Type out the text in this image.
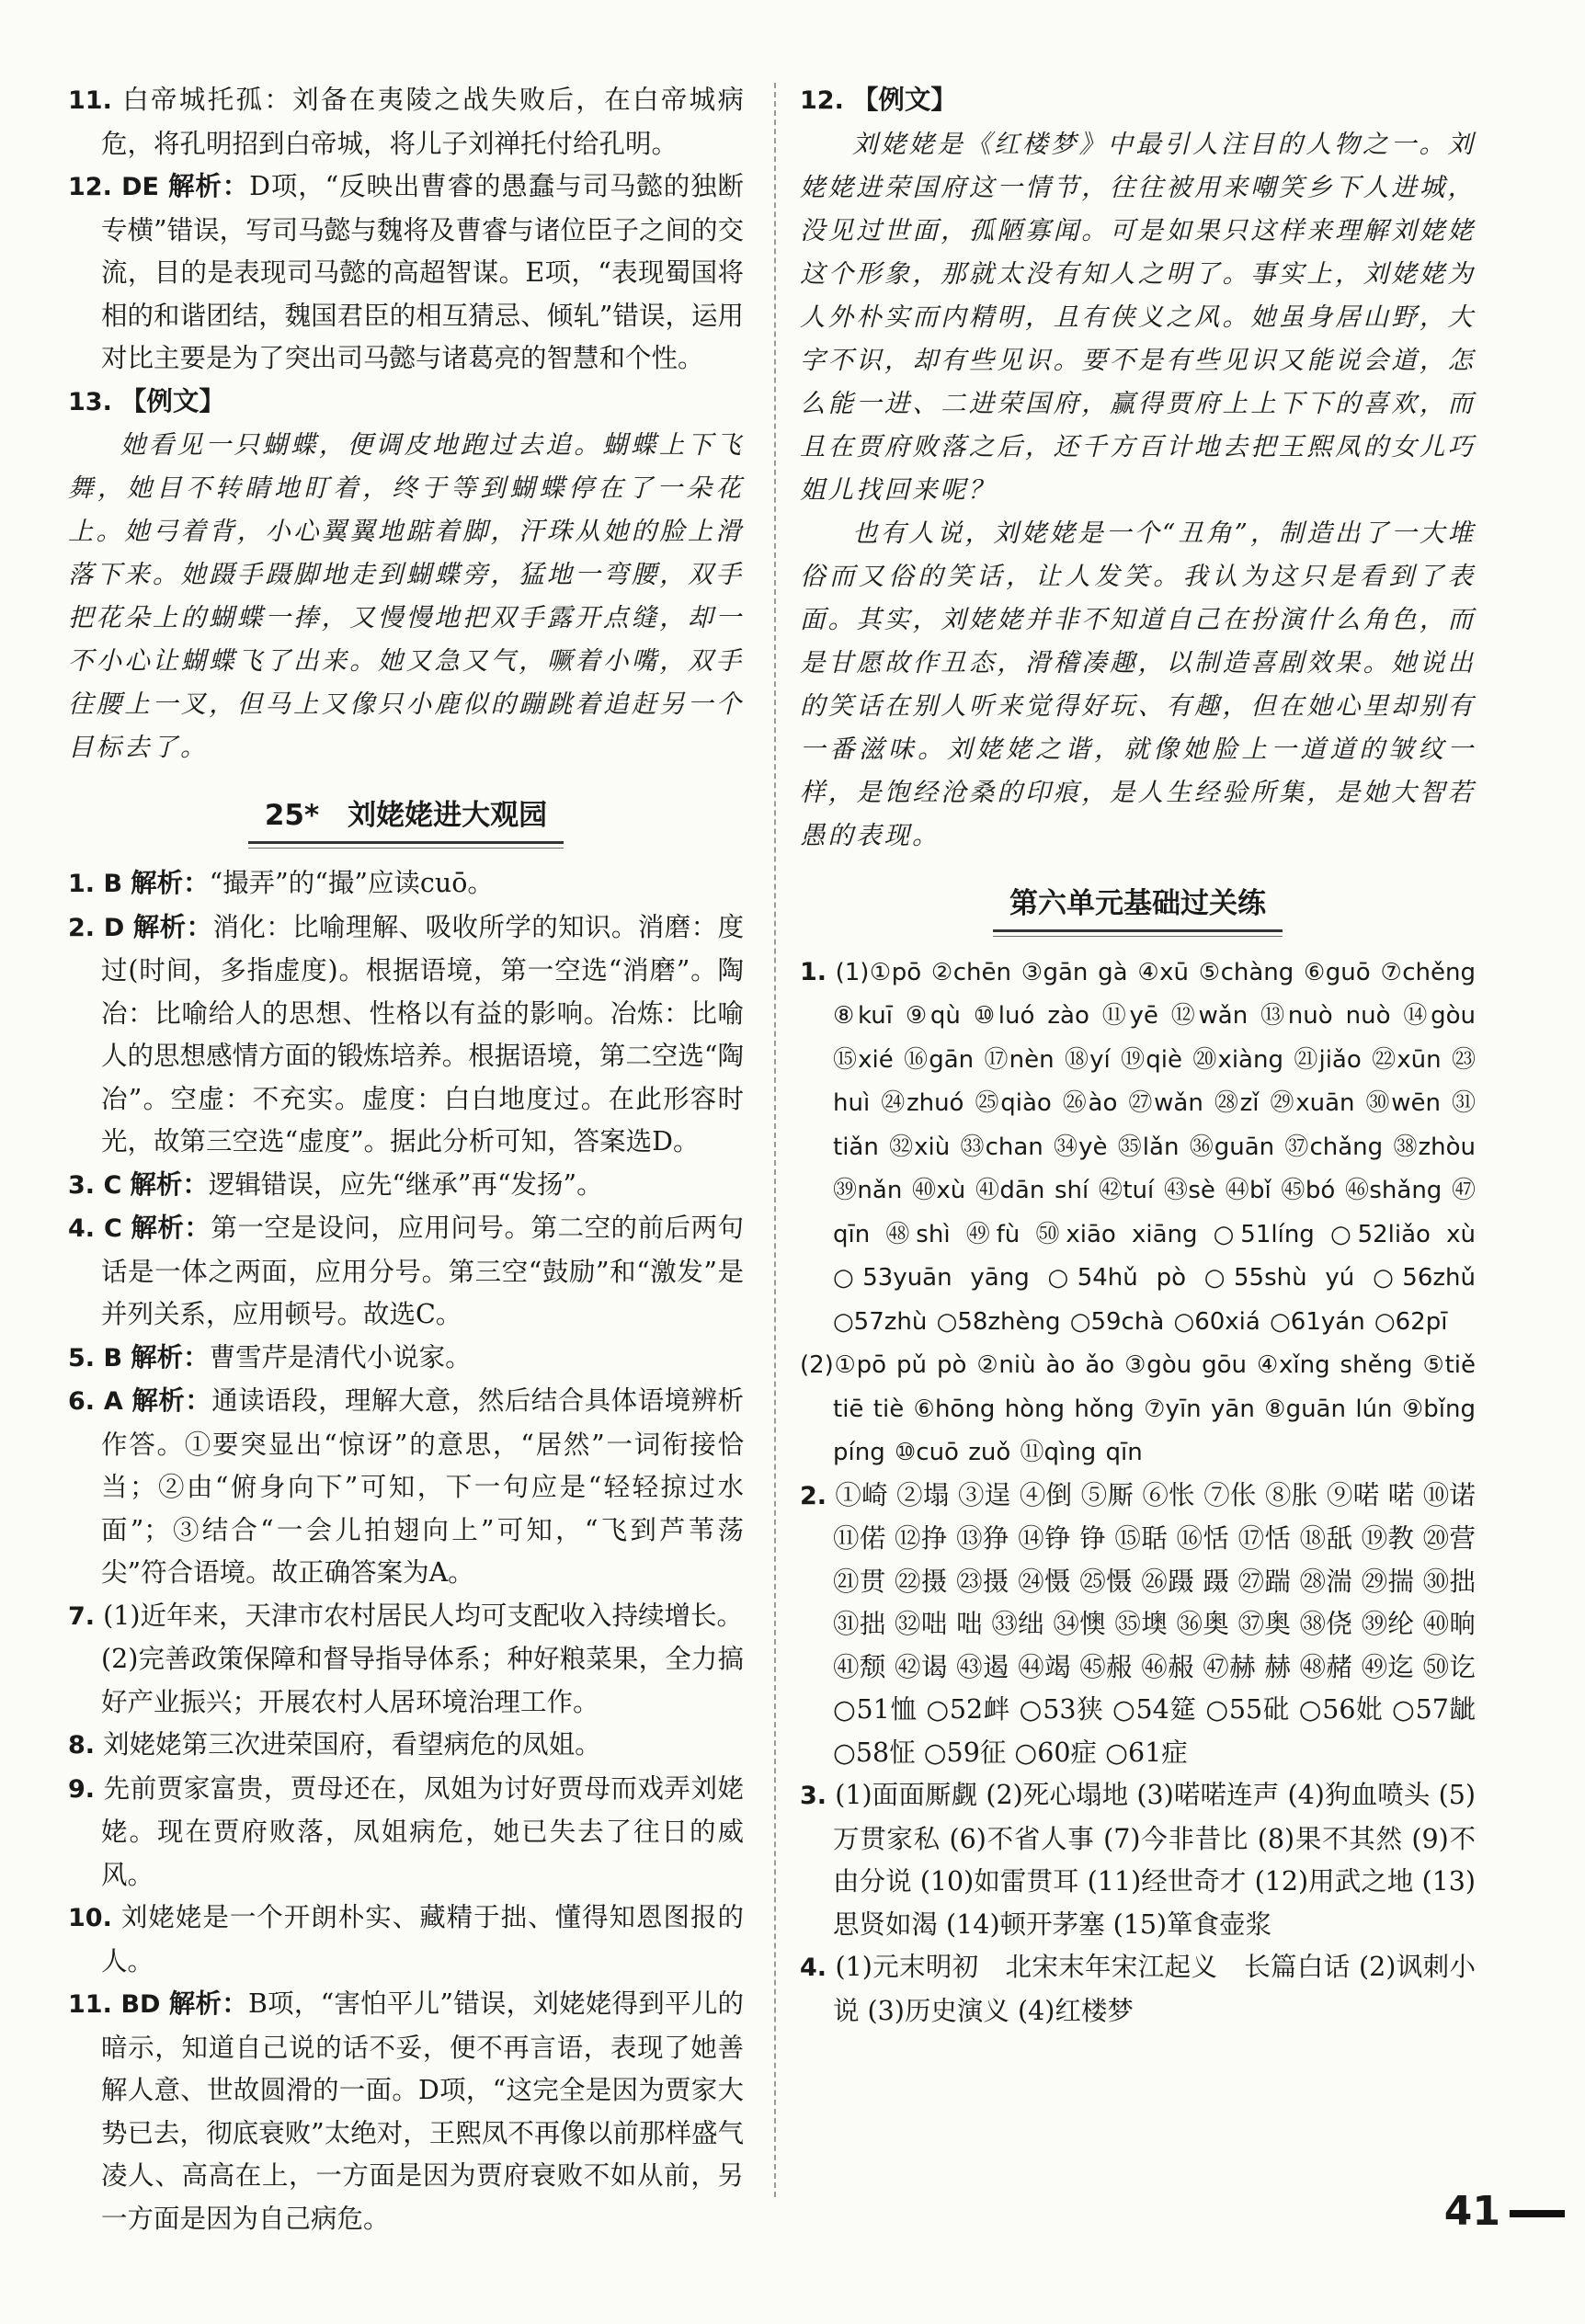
11. 白帝城托孤：刘备在夷陵之战失败后，在白帝城病危，将孔明招到白帝城，将儿子刘禅托付给孔明。

12. DE 解析：D项，“反映出曹睿的愚蠢与司马懿的独断专横”错误，写司马懿与魏将及曹睿与诸位臣子之间的交流，目的是表现司马懿的高超智谋。E项，“表现蜀国将相的和谐团结，魏国君臣的相互猜忌、倾轧”错误，运用对比主要是为了突出司马懿与诸葛亮的智慧和个性。

13. 【例文】

她看见一只蝴蝶，便调皮地跑过去追。蝴蝶上下飞舞，她目不转睛地盯着，终于等到蝴蝶停在了一朵花上。她弓着背，小心翼翼地踮着脚，汗珠从她的脸上滑落下来。她蹑手蹑脚地走到蝴蝶旁，猛地一弯腰，双手把花朵上的蝴蝶一捧，又慢慢地把双手露开点缝，却一不小心让蝴蝶飞了出来。她又急又气，噘着小嘴，双手往腰上一叉，但马上又像只小鹿似的蹦跳着追赶另一个目标去了。

25*　刘姥姥进大观园

1. B 解析：“撮弄”的“撮”应读cuō。

2. D 解析：消化：比喻理解、吸收所学的知识。消磨：度过(时间，多指虚度)。根据语境，第一空选“消磨”。陶冶：比喻给人的思想、性格以有益的影响。冶炼：比喻人的思想感情方面的锻炼培养。根据语境，第二空选“陶冶”。空虚：不充实。虚度：白白地度过。在此形容时光，故第三空选“虚度”。据此分析可知，答案选D。

3. C 解析：逻辑错误，应先“继承”再“发扬”。

4. C 解析：第一空是设问，应用问号。第二空的前后两句话是一体之两面，应用分号。第三空“鼓励”和“激发”是并列关系，应用顿号。故选C。

5. B 解析：曹雪芹是清代小说家。

6. A 解析：通读语段，理解大意，然后结合具体语境辨析作答。①要突显出“惊讶”的意思，“居然”一词衔接恰当；②由“俯身向下”可知，下一句应是“轻轻掠过水面”；③结合“一会儿拍翅向上”可知，“飞到芦苇荡尖”符合语境。故正确答案为A。

7. (1)近年来，天津市农村居民人均可支配收入持续增长。

(2)完善政策保障和督导指导体系；种好粮菜果，全力搞好产业振兴；开展农村人居环境治理工作。

8. 刘姥姥第三次进荣国府，看望病危的凤姐。

9. 先前贾家富贵，贾母还在，凤姐为讨好贾母而戏弄刘姥姥。现在贾府败落，凤姐病危，她已失去了往日的威风。

10. 刘姥姥是一个开朗朴实、藏精于拙、懂得知恩图报的人。

11. BD 解析：B项，“害怕平儿”错误，刘姥姥得到平儿的暗示，知道自己说的话不妥，便不再言语，表现了她善解人意、世故圆滑的一面。D项，“这完全是因为贾家大势已去，彻底衰败”太绝对，王熙凤不再像以前那样盛气凌人、高高在上，一方面是因为贾府衰败不如从前，另一方面是因为自己病危。

12. 【例文】

刘姥姥是《红楼梦》中最引人注目的人物之一。刘姥姥进荣国府这一情节，往往被用来嘲笑乡下人进城，没见过世面，孤陋寡闻。可是如果只这样来理解刘姥姥这个形象，那就太没有知人之明了。事实上，刘姥姥为人外朴实而内精明，且有侠义之风。她虽身居山野，大字不识，却有些见识。要不是有些见识又能说会道，怎么能一进、二进荣国府，赢得贾府上上下下的喜欢，而且在贾府败落之后，还千方百计地去把王熙凤的女儿巧姐儿找回来呢？

也有人说，刘姥姥是一个“丑角”，制造出了一大堆俗而又俗的笑话，让人发笑。我认为这只是看到了表面。其实，刘姥姥并非不知道自己在扮演什么角色，而是甘愿故作丑态，滑稽凑趣，以制造喜剧效果。她说出的笑话在别人听来觉得好玩、有趣，但在她心里却别有一番滋味。刘姥姥之谐，就像她脸上一道道的皱纹一样，是饱经沧桑的印痕，是人生经验所集，是她大智若愚的表现。

第六单元基础过关练

1. (1)①pō ②chēn ③gān gà ④xū ⑤chàng ⑥guō ⑦chěng ⑧kuī ⑨qù ⑩luó zào ⑪yē ⑫wǎn ⑬nuò nuò ⑭gòu ⑮xié ⑯gān ⑰nèn ⑱yí ⑲qiè ⑳xiàng ㉑jiǎo ㉒xūn ㉓huì ㉔zhuó ㉕qiào ㉖ào ㉗wǎn ㉘zǐ ㉙xuān ㉚wēn ㉛tiǎn ㉜xiù ㉝chan ㉞yè ㉟lǎn ㊱guān ㊲chǎng ㊳zhòu ㊴nǎn ㊵xù ㊶dān shí ㊷tuí ㊸sè ㊹bǐ ㊺bó ㊻shǎng ㊼qīn ㊽shì ㊾fù ㊿xiāo xiāng ○51líng ○52liǎo xù ○53yuān yāng ○54hǔ pò ○55shù yú ○56zhǔ ○57zhù ○58zhèng ○59chà ○60xiá ○61yán ○62pī

(2)①pō pǔ pò ②niù ào ǎo ③gòu gōu ④xǐng shěng ⑤tiě tiē tiè ⑥hōng hòng hǒng ⑦yīn yān ⑧guān lún ⑨bǐng píng ⑩cuō zuǒ ⑪qìng qīn

2. ①崎 ②塌 ③逞 ④倒 ⑤厮 ⑥怅 ⑦伥 ⑧胀 ⑨喏 喏 ⑩诺 ⑪偌 ⑫挣 ⑬狰 ⑭铮 铮 ⑮聒 ⑯恬 ⑰恬 ⑱舐 ⑲教 ⑳营 ㉑贯 ㉒摄 ㉓摄 ㉔慑 ㉕慑 ㉖蹑 蹑 ㉗踹 ㉘湍 ㉙揣 ㉚拙 ㉛拙 ㉜咄 咄 ㉝绌 ㉞懊 ㉟墺 ㊱奥 ㊲奥 ㊳侥 ㊴纶 ㊵晌 ㊶颓 ㊷谒 ㊸遏 ㊹竭 ㊺赧 ㊻赧 ㊼赫 赫 ㊽赭 ㊾迄 ㊿讫 ○51恤 ○52衅 ○53狭 ○54筵 ○55砒 ○56妣 ○57龇 ○58怔 ○59征 ○60症 ○61症

3. (1)面面厮觑 (2)死心塌地 (3)喏喏连声 (4)狗血喷头 (5)万贯家私 (6)不省人事 (7)今非昔比 (8)果不其然 (9)不由分说 (10)如雷贯耳 (11)经世奇才 (12)用武之地 (13)思贤如渴 (14)顿开茅塞 (15)箪食壶浆

4. (1)元末明初　北宋末年宋江起义　长篇白话 (2)讽刺小说 (3)历史演义 (4)红楼梦

41
